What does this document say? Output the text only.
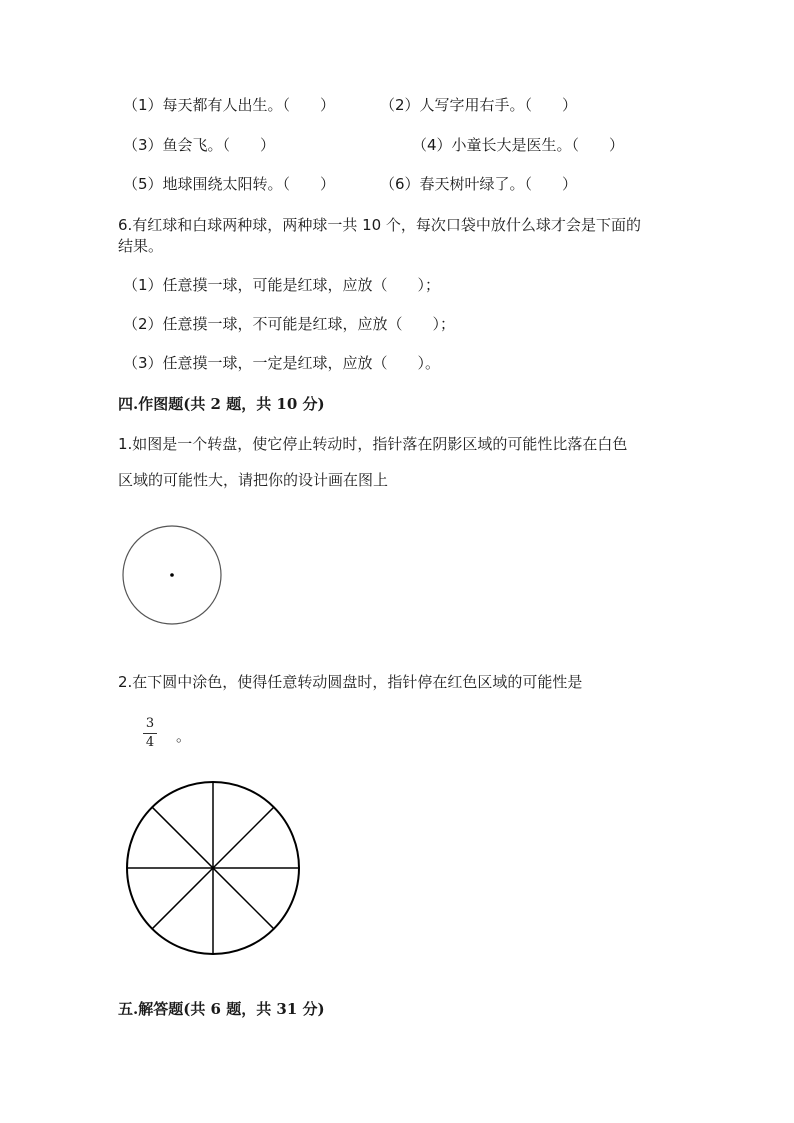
（1）每天都有人出生。（　　）	（2）人写字用右手。（　　）
（3）鱼会飞。（　　）	（4）小童长大是医生。（　　）
（5）地球围绕太阳转。（　　）	（6）春天树叶绿了。（　　）
6.有红球和白球两种球，两种球一共 10 个，每次口袋中放什么球才会是下面的
结果。
（1）任意摸一球，可能是红球，应放（　　）；
（2）任意摸一球，不可能是红球，应放（　　）；
（3）任意摸一球，一定是红球，应放（　　）。
四.作图题(共 2 题，共 10 分)
1.如图是一个转盘，使它停止转动时，指针落在阴影区域的可能性比落在白色
区域的可能性大，请把你的设计画在图上
2.在下圆中涂色，使得任意转动圆盘时，指针停在红色区域的可能性是
3
4 。
五.解答题(共 6 题，共 31 分)
